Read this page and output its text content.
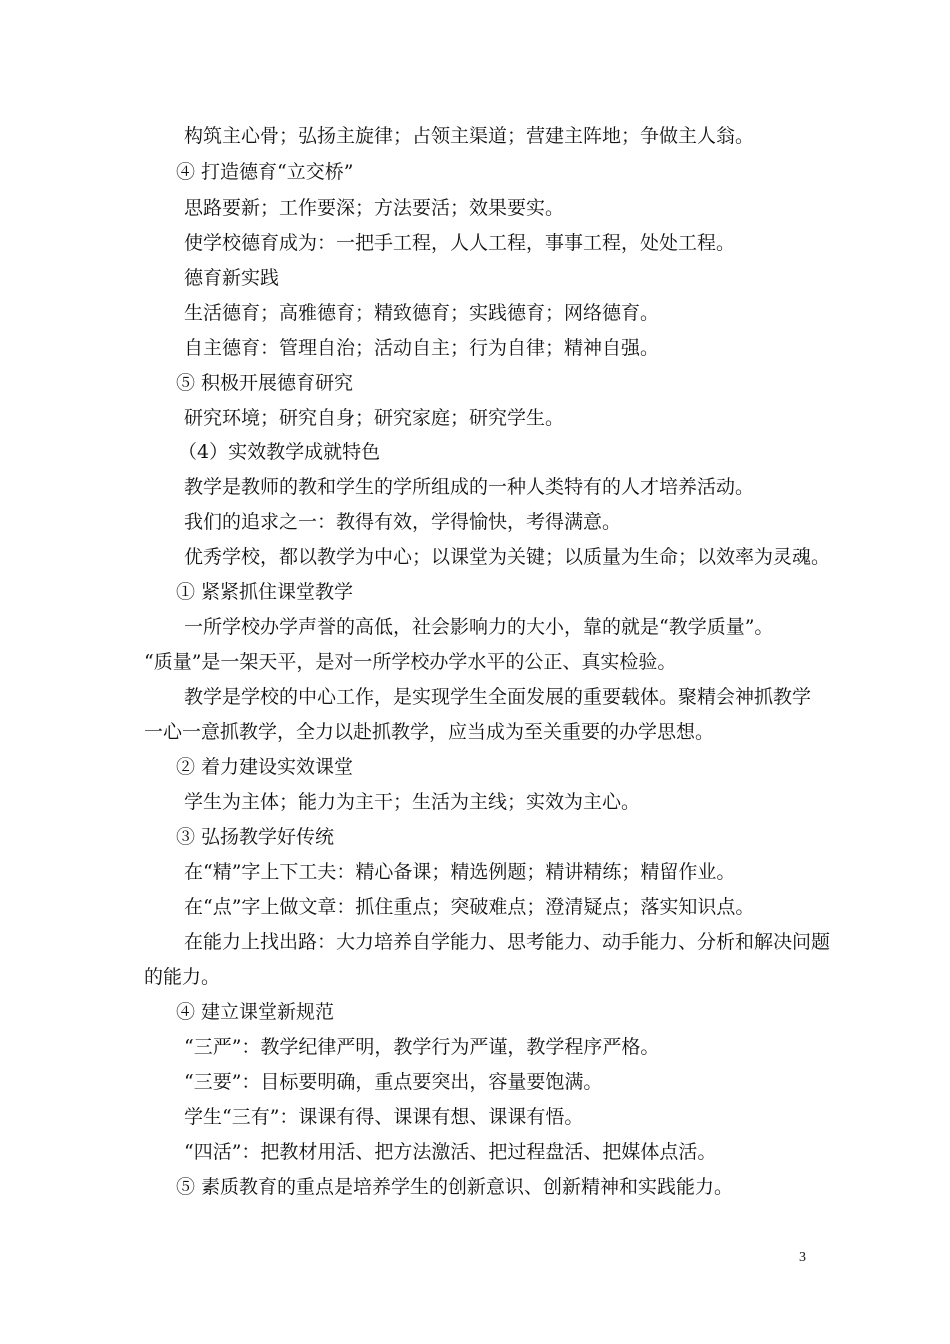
构筑主心骨；弘扬主旋律；占领主渠道；营建主阵地；争做主人翁。
④ 打造德育“立交桥”
思路要新；工作要深；方法要活；效果要实。
使学校德育成为：一把手工程，人人工程，事事工程，处处工程。
德育新实践
生活德育；高雅德育；精致德育；实践德育；网络德育。
自主德育：管理自治；活动自主；行为自律；精神自强。
⑤ 积极开展德育研究
研究环境；研究自身；研究家庭；研究学生。
（4）实效教学成就特色
教学是教师的教和学生的学所组成的一种人类特有的人才培养活动。
我们的追求之一：教得有效，学得愉快，考得满意。
优秀学校，都以教学为中心；以课堂为关键；以质量为生命；以效率为灵魂。
① 紧紧抓住课堂教学
一所学校办学声誉的高低，社会影响力的大小，靠的就是“教学质量”。
“质量”是一架天平，是对一所学校办学水平的公正、真实检验。
教学是学校的中心工作，是实现学生全面发展的重要载体。聚精会神抓教学
一心一意抓教学，全力以赴抓教学，应当成为至关重要的办学思想。
② 着力建设实效课堂
学生为主体；能力为主干；生活为主线；实效为主心。
③ 弘扬教学好传统
在“精”字上下工夫：精心备课；精选例题；精讲精练；精留作业。
在“点”字上做文章：抓住重点；突破难点；澄清疑点；落实知识点。
在能力上找出路：大力培养自学能力、思考能力、动手能力、分析和解决问题
的能力。
④ 建立课堂新规范
“三严”：教学纪律严明，教学行为严谨，教学程序严格。
“三要”：目标要明确，重点要突出，容量要饱满。
学生“三有”：课课有得、课课有想、课课有悟。
“四活”：把教材用活、把方法激活、把过程盘活、把媒体点活。
⑤ 素质教育的重点是培养学生的创新意识、创新精神和实践能力。
3
